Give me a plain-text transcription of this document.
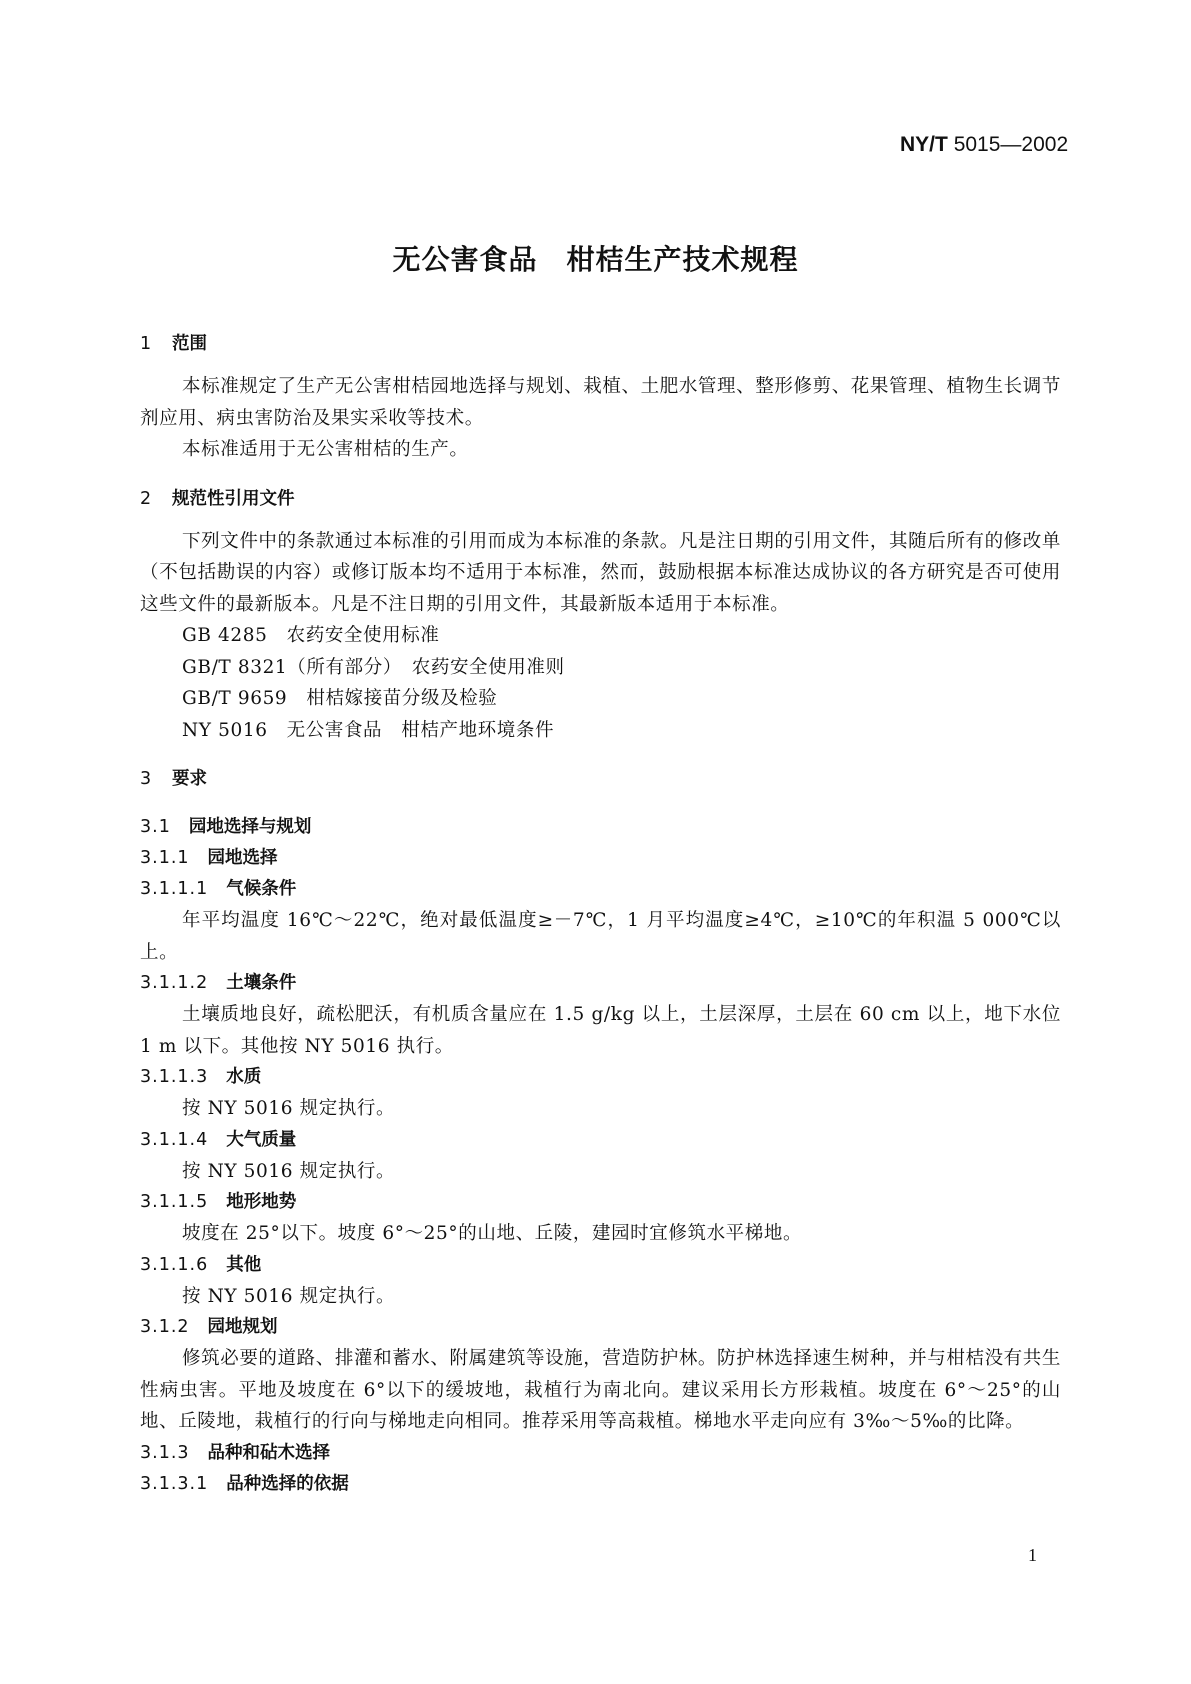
NY/T 5015—2002
无公害食品　柑桔生产技术规程
1 范围
本标准规定了生产无公害柑桔园地选择与规划、栽植、土肥水管理、整形修剪、花果管理、植物生长调节剂应用、病虫害防治及果实采收等技术。
本标准适用于无公害柑桔的生产。
2 规范性引用文件
下列文件中的条款通过本标准的引用而成为本标准的条款。凡是注日期的引用文件，其随后所有的修改单（不包括勘误的内容）或修订版本均不适用于本标准，然而，鼓励根据本标准达成协议的各方研究是否可使用这些文件的最新版本。凡是不注日期的引用文件，其最新版本适用于本标准。
GB 4285　农药安全使用标准
GB/T 8321（所有部分）　农药安全使用准则
GB/T 9659　柑桔嫁接苗分级及检验
NY 5016　无公害食品　柑桔产地环境条件
3 要求
3.1 园地选择与规划
3.1.1 园地选择
3.1.1.1 气候条件
年平均温度 16℃～22℃，绝对最低温度≥－7℃，1 月平均温度≥4℃，≥10℃的年积温 5 000℃以上。
3.1.1.2 土壤条件
土壤质地良好，疏松肥沃，有机质含量应在 1.5 g/kg 以上，土层深厚，土层在 60 cm 以上，地下水位 1 m 以下。其他按 NY 5016 执行。
3.1.1.3 水质
按 NY 5016 规定执行。
3.1.1.4 大气质量
按 NY 5016 规定执行。
3.1.1.5 地形地势
坡度在 25°以下。坡度 6°～25°的山地、丘陵，建园时宜修筑水平梯地。
3.1.1.6 其他
按 NY 5016 规定执行。
3.1.2 园地规划
修筑必要的道路、排灌和蓄水、附属建筑等设施，营造防护林。防护林选择速生树种，并与柑桔没有共生性病虫害。平地及坡度在 6°以下的缓坡地，栽植行为南北向。建议采用长方形栽植。坡度在 6°～25°的山地、丘陵地，栽植行的行向与梯地走向相同。推荐采用等高栽植。梯地水平走向应有 3‰～5‰的比降。
3.1.3 品种和砧木选择
3.1.3.1 品种选择的依据
1
